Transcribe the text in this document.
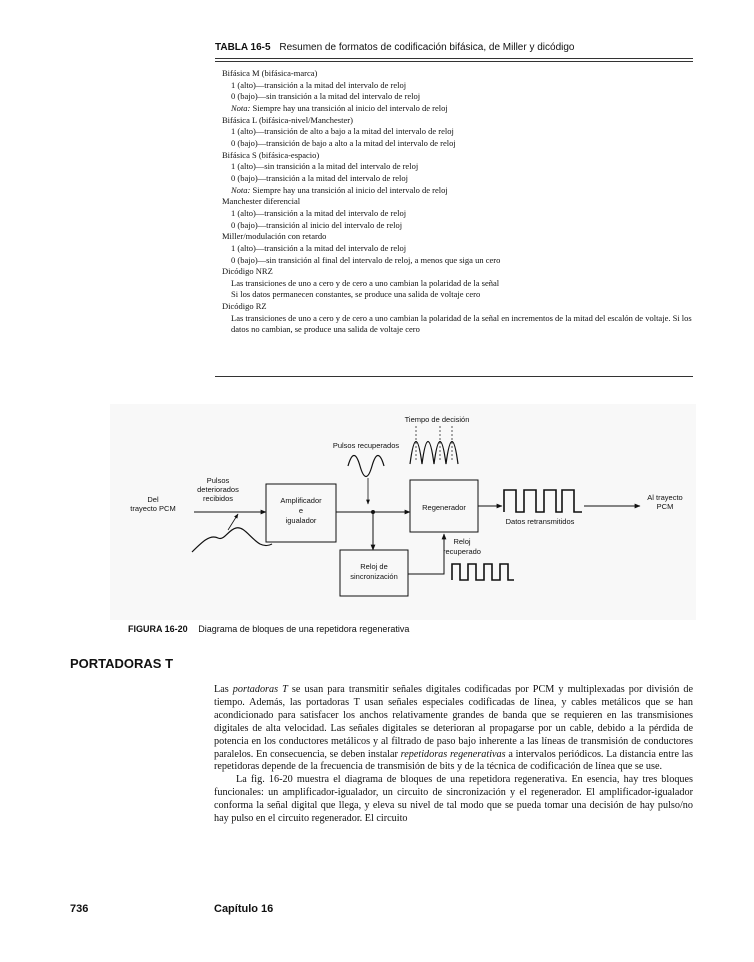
TABLA 16-5 Resumen de formatos de codificación bifásica, de Miller y dicódigo
Bifásica M (bifásica-marca)
1 (alto)—transición a la mitad del intervalo de reloj
0 (bajo)—sin transición a la mitad del intervalo de reloj
Nota: Siempre hay una transición al inicio del intervalo de reloj
Bifásica L (bifásica-nivel/Manchester)
1 (alto)—transición de alto a bajo a la mitad del intervalo de reloj
0 (bajo)—transición de bajo a alto a la mitad del intervalo de reloj
Bifásica S (bifásica-espacio)
1 (alto)—sin transición a la mitad del intervalo de reloj
0 (bajo)—transición a la mitad del intervalo de reloj
Nota: Siempre hay una transición al inicio del intervalo de reloj
Manchester diferencial
1 (alto)—transición a la mitad del intervalo de reloj
0 (bajo)—transición al inicio del intervalo de reloj
Miller/modulación con retardo
1 (alto)—transición a la mitad del intervalo de reloj
0 (bajo)—sin transición al final del intervalo de reloj, a menos que siga un cero
Dicódigo NRZ
Las transiciones de uno a cero y de cero a uno cambian la polaridad de la señal
Si los datos permanecen constantes, se produce una salida de voltaje cero
Dicódigo RZ
Las transiciones de uno a cero y de cero a uno cambian la polaridad de la señal en incrementos de la mitad del escalón de voltaje. Si los datos no cambian, se produce una salida de voltaje cero
Del
trayecto PCM
Pulsos
deteriorados
recibidos	Amplificador
e
igualador
Pulsos recuperados
Tiempo de decisión
Regenerador
Datos retransmitidos
Al trayecto
PCM
Reloj de
sincronización
Reloj
recuperado
FIGURA 16-20 Diagrama de bloques de una repetidora regenerativa
PORTADORAS T

Las portadoras T se usan para transmitir señales digitales codificadas por PCM y multiplexadas por división de tiempo. Además, las portadoras T usan señales especiales codificadas de línea, y cables metálicos que se han acondicionado para satisfacer los anchos relativamente grandes de banda que se requieren en las transmisiones digitales de alta velocidad. Las señales digitales se deterioran al propagarse por un cable, debido a la pérdida de potencia en los conductores metálicos y al filtrado de paso bajo inherente a las líneas de transmisión de conductores paralelos. En consecuencia, se deben instalar repetidoras regenerativas a intervalos periódicos. La distancia entre las repetidoras depende de la frecuencia de transmisión de bits y de la técnica de codificación de línea que se use.

La fig. 16-20 muestra el diagrama de bloques de una repetidora regenerativa. En esencia, hay tres bloques funcionales: un amplificador-igualador, un circuito de sincronización y el regenerador. El amplificador-igualador conforma la señal digital que llega, y eleva su nivel de tal modo que se pueda tomar una decisión de hay pulso/no hay pulso en el circuito regenerador. El circuito

736	Capítulo 16
